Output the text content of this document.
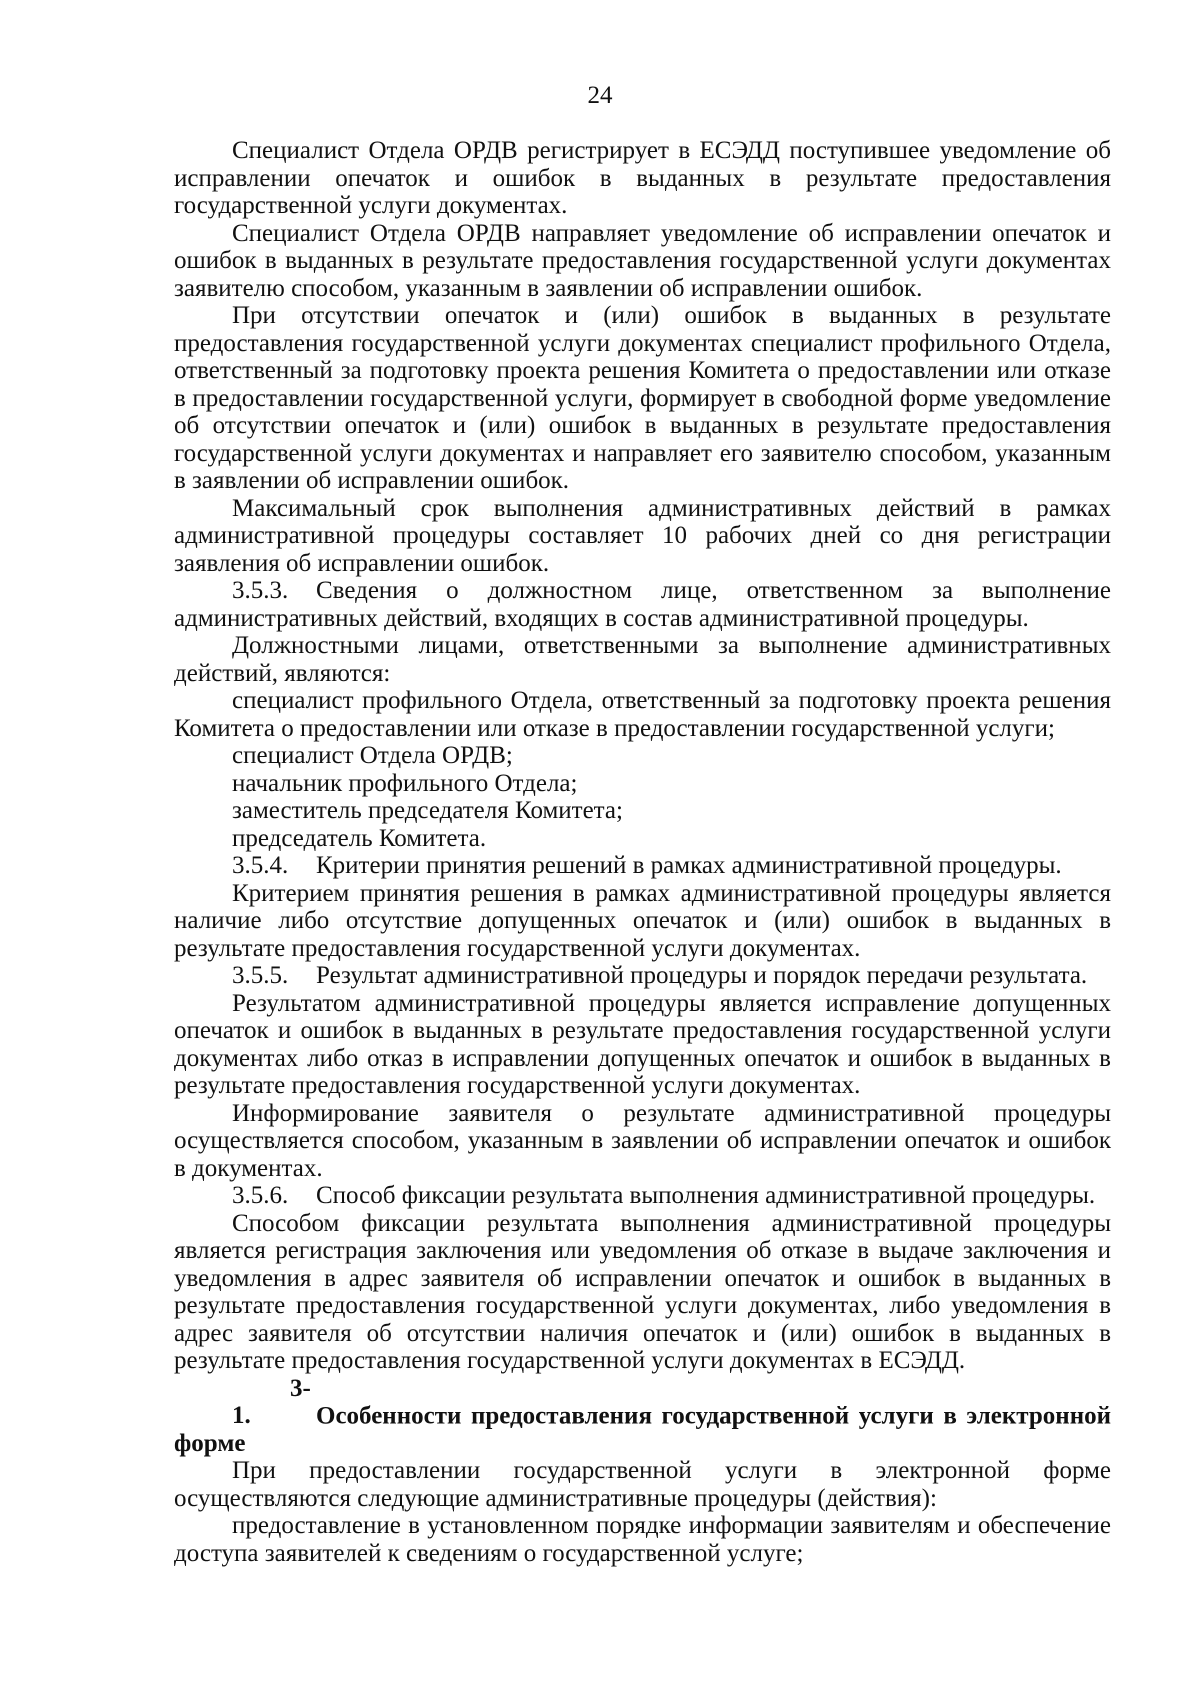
24

Специалист Отдела ОРДВ регистрирует в ЕСЭДД поступившее уведомление об исправлении опечаток и ошибок в выданных в результате предоставления государственной услуги документах.

Специалист Отдела ОРДВ направляет уведомление об исправлении опечаток и ошибок в выданных в результате предоставления государственной услуги документах заявителю способом, указанным в заявлении об исправлении ошибок.

При отсутствии опечаток и (или) ошибок в выданных в результате предоставления государственной услуги документах специалист профильного Отдела, ответственный за подготовку проекта решения Комитета о предоставлении или отказе в предоставлении государственной услуги, формирует в свободной форме уведомление об отсутствии опечаток и (или) ошибок в выданных в результате предоставления государственной услуги документах и направляет его заявителю способом, указанным в заявлении об исправлении ошибок.

Максимальный срок выполнения административных действий в рамках административной процедуры составляет 10 рабочих дней со дня регистрации заявления об исправлении ошибок.

3.5.3. Сведения о должностном лице, ответственном за выполнение административных действий, входящих в состав административной процедуры.

Должностными лицами, ответственными за выполнение административных действий, являются:

специалист профильного Отдела, ответственный за подготовку проекта решения Комитета о предоставлении или отказе в предоставлении государственной услуги;

специалист Отдела ОРДВ;

начальник профильного Отдела;

заместитель председателя Комитета;

председатель Комитета.

3.5.4. Критерии принятия решений в рамках административной процедуры.

Критерием принятия решения в рамках административной процедуры является наличие либо отсутствие допущенных опечаток и (или) ошибок в выданных в результате предоставления государственной услуги документах.

3.5.5. Результат административной процедуры и порядок передачи результата.

Результатом административной процедуры является исправление допущенных опечаток и ошибок в выданных в результате предоставления государственной услуги документах либо отказ в исправлении допущенных опечаток и ошибок в выданных в результате предоставления государственной услуги документах.

Информирование заявителя о результате административной процедуры осуществляется способом, указанным в заявлении об исправлении опечаток и ошибок в документах.

3.5.6. Способ фиксации результата выполнения административной процедуры.

Способом фиксации результата выполнения административной процедуры является регистрация заключения или уведомления об отказе в выдаче заключения и уведомления в адрес заявителя об исправлении опечаток и ошибок в выданных в результате предоставления государственной услуги документах, либо уведомления в адрес заявителя об отсутствии наличия опечаток и (или) ошибок в выданных в результате предоставления государственной услуги документах в ЕСЭДД.

3-1.	Особенности предоставления государственной услуги в электронной форме

При предоставлении государственной услуги в электронной форме осуществляются следующие административные процедуры (действия):

предоставление в установленном порядке информации заявителям и обеспечение доступа заявителей к сведениям о государственной услуге;
